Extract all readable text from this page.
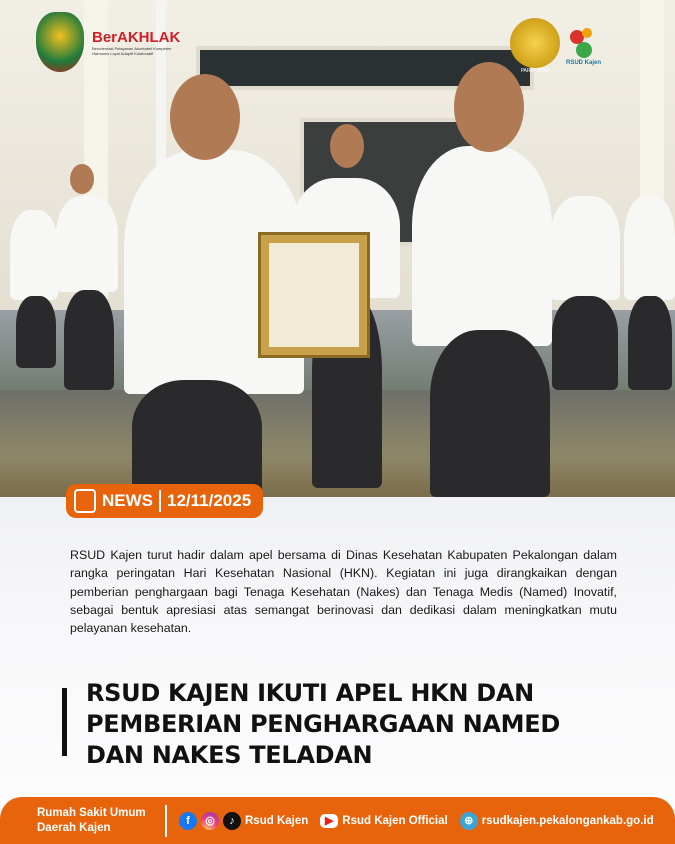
BerAKHLAK
Berorientasi Pelayanan Akuntabel Kompeten Harmonis Loyal Adaptif Kolaboratif
PARIPURNA
RSUD Kajen
NEWS 12/11/2025
RSUD Kajen turut hadir dalam apel bersama di Dinas Kesehatan Kabupaten Pekalongan dalam rangka peringatan Hari Kesehatan Nasional (HKN). Kegiatan ini juga dirangkaikan dengan pemberian penghargaan bagi Tenaga Kesehatan (Nakes) dan Tenaga Medis (Named) Inovatif, sebagai bentuk apresiasi atas semangat berinovasi dan dedikasi dalam meningkatkan mutu pelayanan kesehatan.
RSUD KAJEN IKUTI APEL HKN DAN
PEMBERIAN PENGHARGAAN NAMED
DAN NAKES TELADAN
Rumah Sakit Umum
Daerah Kajen
f	◎	♪ Rsud Kajen	▶ Rsud Kajen Official	⊕ rsudkajen.pekalongankab.go.id
